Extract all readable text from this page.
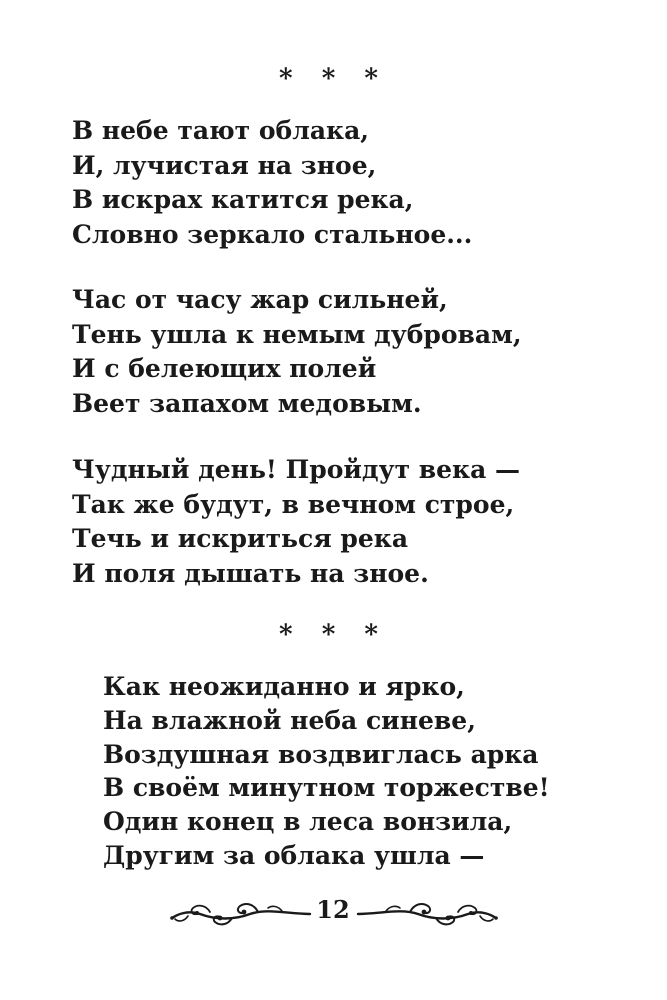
* * *
В небе тают облака,
И, лучистая на зное,
В искрах катится река,
Словно зеркало стальное...
Час от часу жар сильней,
Тень ушла к немым дубровам,
И с белеющих полей
Веет запахом медовым.
Чудный день! Пройдут века —
Так же будут, в вечном строе,
Течь и искриться река
И поля дышать на зное.
* * *
Как неожиданно и ярко,
На влажной неба синеве,
Воздушная воздвиглась арка
В своём минутном торжестве!
Один конец в леса вонзила,
Другим за облака ушла —
12
